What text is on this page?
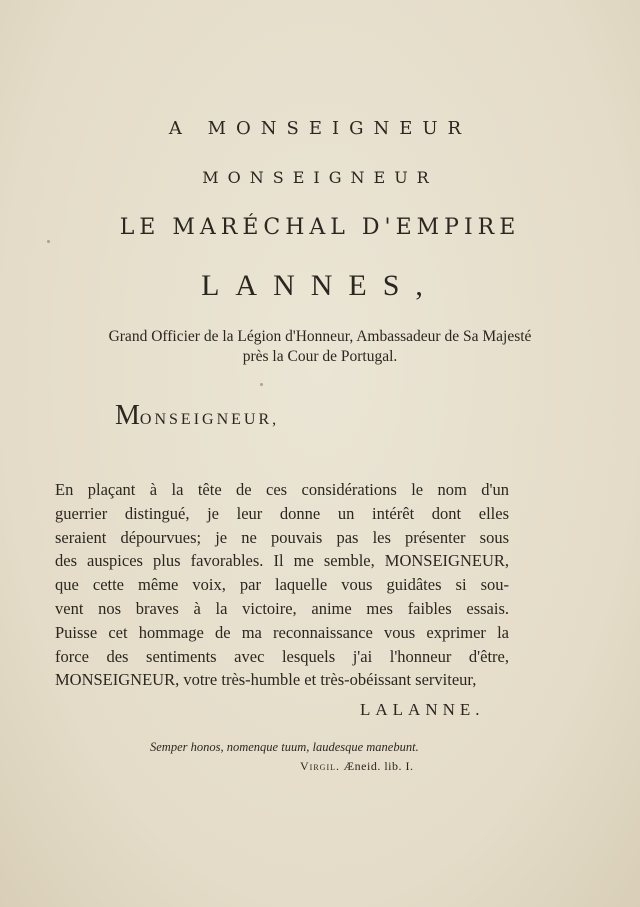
A MONSEIGNEUR
MONSEIGNEUR
LE MARÉCHAL D'EMPIRE
LANNES,
Grand Officier de la Légion d'Honneur, Ambassadeur de Sa Majesté
près la Cour de Portugal.
MONSEIGNEUR,
En plaçant à la tête de ces considérations le nom d'un
guerrier distingué, je leur donne un intérêt dont elles
seraient dépourvues; je ne pouvais pas les présenter sous
des auspices plus favorables. Il me semble, MONSEIGNEUR,
que cette même voix, par laquelle vous guidâtes si sou-
vent nos braves à la victoire, anime mes faibles essais.
Puisse cet hommage de ma reconnaissance vous exprimer la
force des sentiments avec lesquels j'ai l'honneur d'être,
MONSEIGNEUR, votre très-humble et très-obéissant serviteur,
LALANNE.
Semper honos, nomenque tuum, laudesque manebunt.
Virgil. Æneid. lib. I.
